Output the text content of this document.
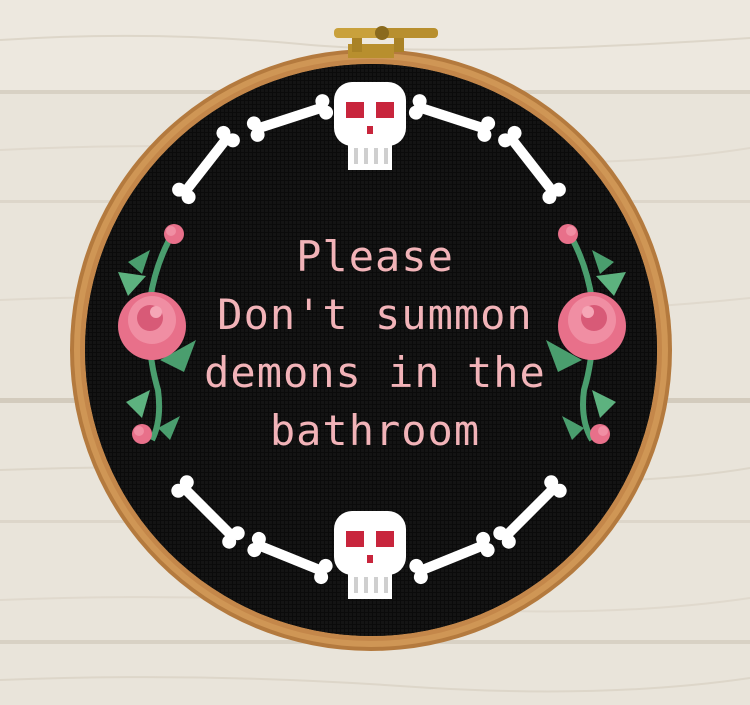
Please
Don't summon
demons in the
bathroom
